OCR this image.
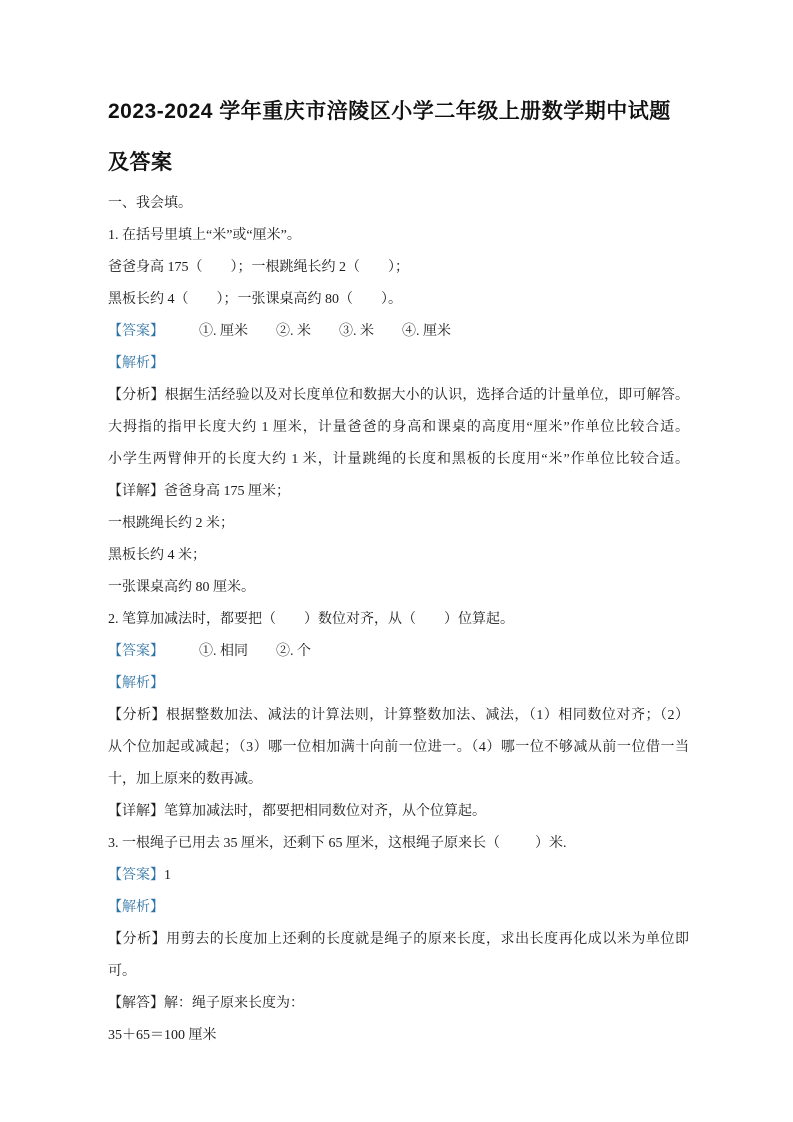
2023-2024 学年重庆市涪陵区小学二年级上册数学期中试题
及答案
一、我会填。
1. 在括号里填上“米”或“厘米”。
爸爸身高 175（        ）；一根跳绳长约 2（        ）；
黑板长约 4（        ）；一张课桌高约 80（        ）。
【答案】　　　①. 厘米　　②. 米　　③. 米　　④. 厘米
【解析】
【分析】根据生活经验以及对长度单位和数据大小的认识，选择合适的计量单位，即可解答。
大拇指的指甲长度大约 1 厘米，计量爸爸的身高和课桌的高度用“厘米”作单位比较合适。
小学生两臂伸开的长度大约 1 米，计量跳绳的长度和黑板的长度用“米”作单位比较合适。
【详解】爸爸身高 175 厘米；
一根跳绳长约 2 米；
黑板长约 4 米；
一张课桌高约 80 厘米。
2. 笔算加减法时，都要把（        ）数位对齐，从（        ）位算起。
【答案】　　　①. 相同　　②. 个
【解析】
【分析】根据整数加法、减法的计算法则，计算整数加法、减法，（1）相同数位对齐；（2）
从个位加起或减起；（3）哪一位相加满十向前一位进一。（4）哪一位不够减从前一位借一当
十，加上原来的数再减。
【详解】笔算加减法时，都要把相同数位对齐，从个位算起。
3. 一根绳子已用去 35 厘米，还剩下 65 厘米，这根绳子原来长（          ）米.
【答案】1
【解析】
【分析】用剪去的长度加上还剩的长度就是绳子的原来长度，求出长度再化成以米为单位即
可。
【解答】解：绳子原来长度为：
35＋65＝100 厘米
